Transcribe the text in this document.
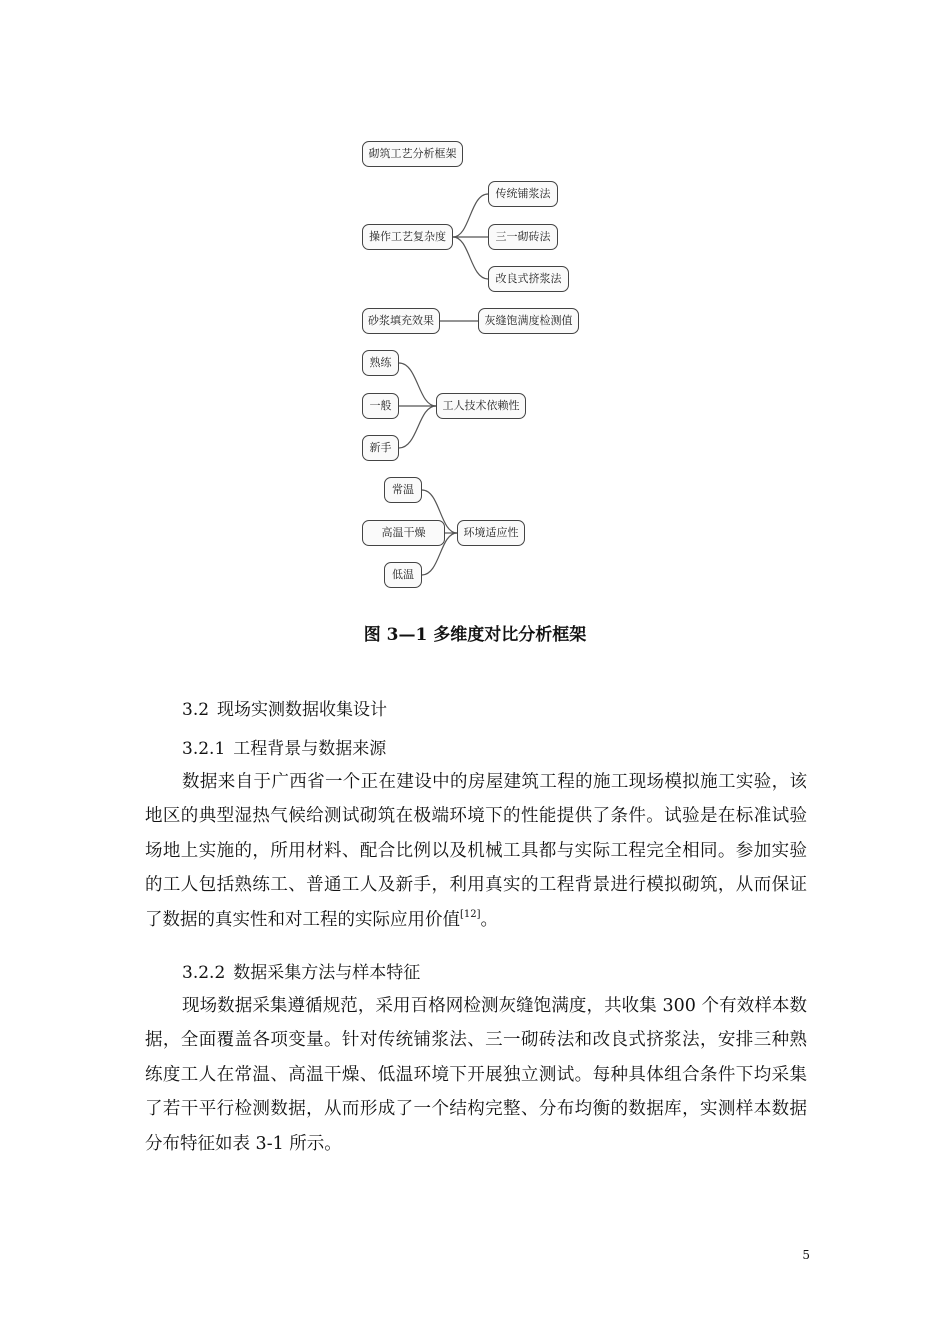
砌筑工艺分析框架
操作工艺复杂度
传统铺浆法
三一砌砖法
改良式挤浆法
砂浆填充效果	灰缝饱满度检测值
熟练
一般
新手
工人技术依赖性
常温
高温干燥
低温
环境适应性
图 3—1 多维度对比分析框架
3.2 现场实测数据收集设计
3.2.1 工程背景与数据来源

数据来自于广西省一个正在建设中的房屋建筑工程的施工现场模拟施工实验，该地区的典型湿热气候给测试砌筑在极端环境下的性能提供了条件。试验是在标准试验场地上实施的，所用材料、配合比例以及机械工具都与实际工程完全相同。参加实验的工人包括熟练工、普通工人及新手，利用真实的工程背景进行模拟砌筑，从而保证了数据的真实性和对工程的实际应用价值[12]。

3.2.2 数据采集方法与样本特征

现场数据采集遵循规范，采用百格网检测灰缝饱满度，共收集 300 个有效样本数据，全面覆盖各项变量。针对传统铺浆法、三一砌砖法和改良式挤浆法，安排三种熟练度工人在常温、高温干燥、低温环境下开展独立测试。每种具体组合条件下均采集了若干平行检测数据，从而形成了一个结构完整、分布均衡的数据库，实测样本数据分布特征如表 3-1 所示。

5
